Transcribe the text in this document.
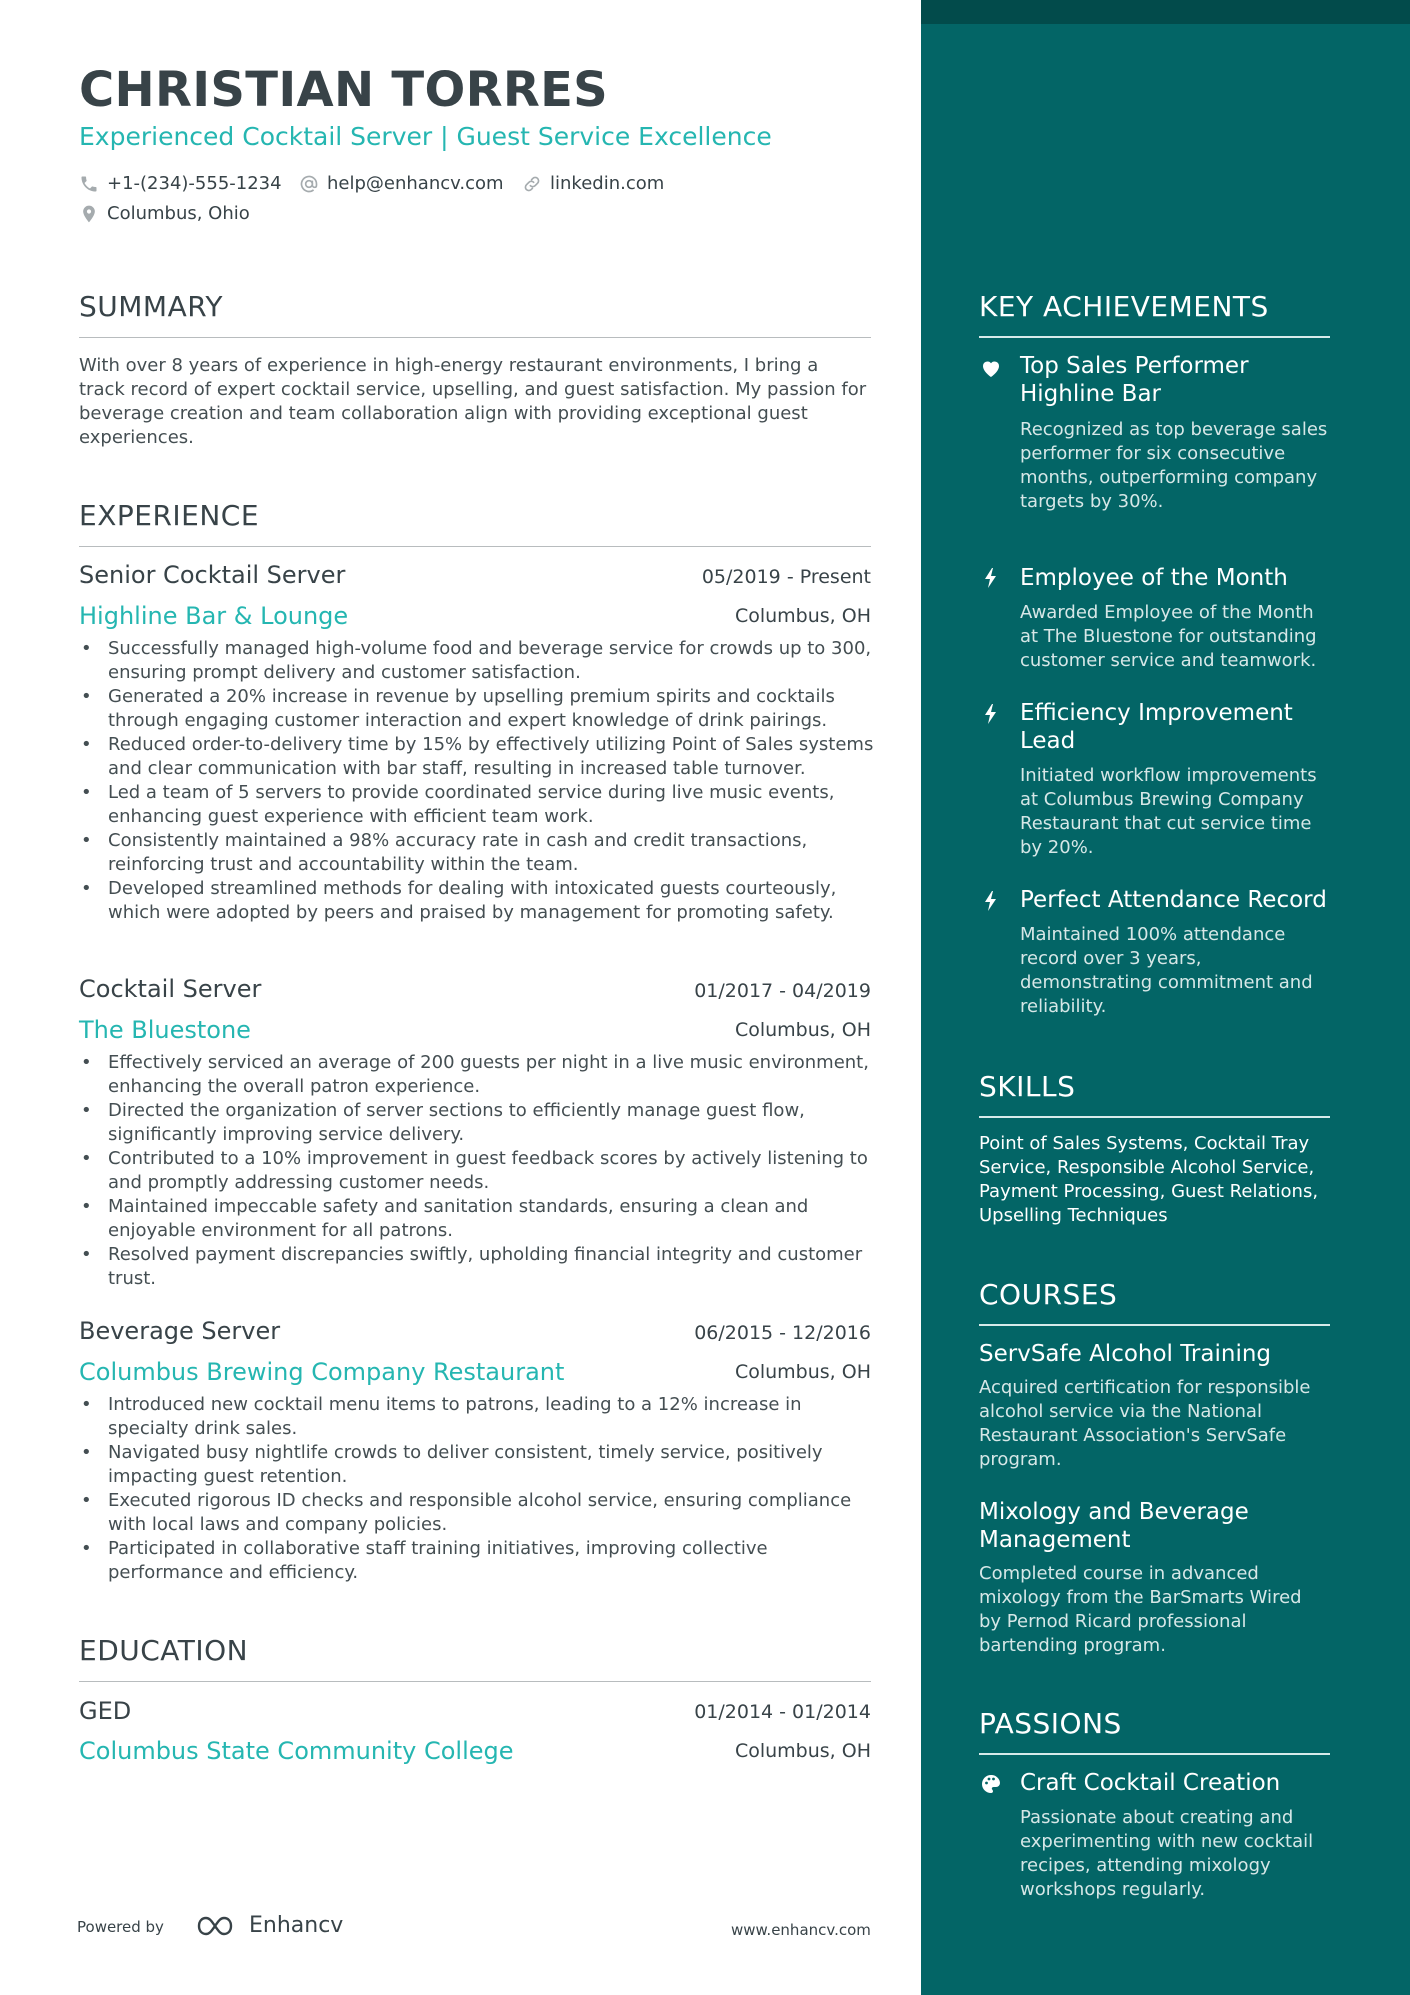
CHRISTIAN TORRES
Experienced Cocktail Server | Guest Service Excellence
+1-(234)-555-1234	help@enhancv.com	linkedin.com
Columbus, Ohio
SUMMARY
With over 8 years of experience in high-energy restaurant environments, I bring a track record of expert cocktail service, upselling, and guest satisfaction. My passion for beverage creation and team collaboration align with providing exceptional guest experiences.
EXPERIENCE
Senior Cocktail Server	05/2019 - Present
Highline Bar & Lounge	Columbus, OH
• Successfully managed high-volume food and beverage service for crowds up to 300, ensuring prompt delivery and customer satisfaction.
• Generated a 20% increase in revenue by upselling premium spirits and cocktails through engaging customer interaction and expert knowledge of drink pairings.
• Reduced order-to-delivery time by 15% by effectively utilizing Point of Sales systems and clear communication with bar staff, resulting in increased table turnover.
• Led a team of 5 servers to provide coordinated service during live music events, enhancing guest experience with efficient team work.
• Consistently maintained a 98% accuracy rate in cash and credit transactions, reinforcing trust and accountability within the team.
• Developed streamlined methods for dealing with intoxicated guests courteously, which were adopted by peers and praised by management for promoting safety.
Cocktail Server	01/2017 - 04/2019
The Bluestone	Columbus, OH
• Effectively serviced an average of 200 guests per night in a live music environment, enhancing the overall patron experience.
• Directed the organization of server sections to efficiently manage guest flow, significantly improving service delivery.
• Contributed to a 10% improvement in guest feedback scores by actively listening to and promptly addressing customer needs.
• Maintained impeccable safety and sanitation standards, ensuring a clean and enjoyable environment for all patrons.
• Resolved payment discrepancies swiftly, upholding financial integrity and customer trust.
Beverage Server	06/2015 - 12/2016
Columbus Brewing Company Restaurant	Columbus, OH
• Introduced new cocktail menu items to patrons, leading to a 12% increase in specialty drink sales.
• Navigated busy nightlife crowds to deliver consistent, timely service, positively impacting guest retention.
• Executed rigorous ID checks and responsible alcohol service, ensuring compliance with local laws and company policies.
• Participated in collaborative staff training initiatives, improving collective performance and efficiency.
EDUCATION
GED	01/2014 - 01/2014
Columbus State Community College	Columbus, OH
Powered by	Enhancv	www.enhancv.com
KEY ACHIEVEMENTS
Top Sales Performer Highline Bar
Recognized as top beverage sales performer for six consecutive months, outperforming company targets by 30%.
Employee of the Month
Awarded Employee of the Month at The Bluestone for outstanding customer service and teamwork.
Efficiency Improvement Lead
Initiated workflow improvements at Columbus Brewing Company Restaurant that cut service time by 20%.
Perfect Attendance Record
Maintained 100% attendance record over 3 years, demonstrating commitment and reliability.
SKILLS
Point of Sales Systems, Cocktail Tray Service, Responsible Alcohol Service, Payment Processing, Guest Relations, Upselling Techniques
COURSES
ServSafe Alcohol Training
Acquired certification for responsible alcohol service via the National Restaurant Association's ServSafe program.
Mixology and Beverage Management
Completed course in advanced mixology from the BarSmarts Wired by Pernod Ricard professional bartending program.
PASSIONS
Craft Cocktail Creation
Passionate about creating and experimenting with new cocktail recipes, attending mixology workshops regularly.
